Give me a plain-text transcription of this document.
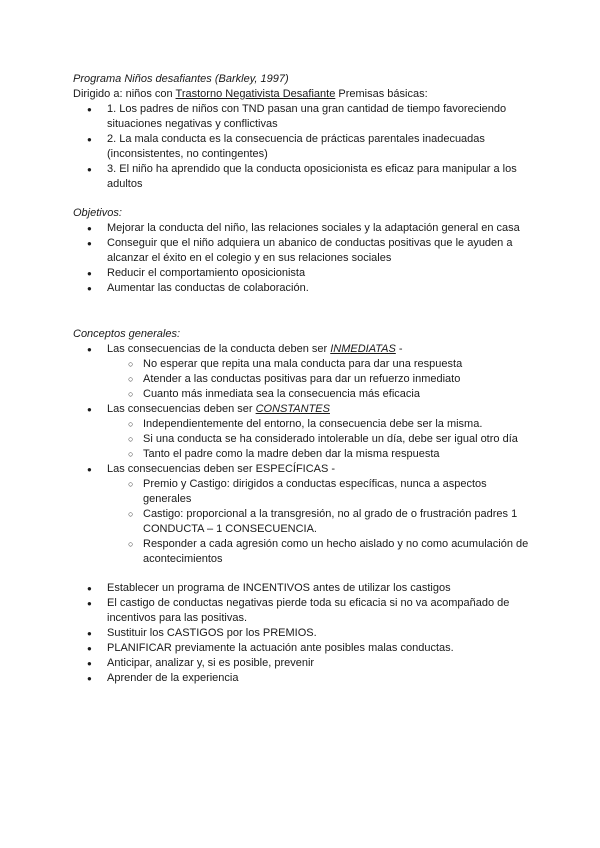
Programa Niños desafiantes (Barkley, 1997)
Dirigido a: niños con Trastorno Negativista Desafiante Premisas básicas:
● 1. Los padres de niños con TND pasan una gran cantidad de tiempo favoreciendo situaciones negativas y conflictivas
● 2. La mala conducta es la consecuencia de prácticas parentales inadecuadas (inconsistentes, no contingentes)
● 3. El niño ha aprendido que la conducta oposicionista es eficaz para manipular a los adultos
Objetivos:
● Mejorar la conducta del niño, las relaciones sociales y la adaptación general en casa
● Conseguir que el niño adquiera un abanico de conductas positivas que le ayuden a alcanzar el éxito en el colegio y en sus relaciones sociales
● Reducir el comportamiento oposicionista
● Aumentar las conductas de colaboración.
Conceptos generales:
● Las consecuencias de la conducta deben ser INMEDIATAS -
○ No esperar que repita una mala conducta para dar una respuesta
○ Atender a las conductas positivas para dar un refuerzo inmediato
○ Cuanto más inmediata sea la consecuencia más eficacia
● Las consecuencias deben ser CONSTANTES
○ Independientemente del entorno, la consecuencia debe ser la misma.
○ Si una conducta se ha considerado intolerable un día, debe ser igual otro día
○ Tanto el padre como la madre deben dar la misma respuesta
● Las consecuencias deben ser ESPECÍFICAS -
○ Premio y Castigo: dirigidos a conductas específicas, nunca a aspectos generales
○ Castigo: proporcional a la transgresión, no al grado de o frustración padres 1 CONDUCTA – 1 CONSECUENCIA.
○ Responder a cada agresión como un hecho aislado y no como acumulación de acontecimientos
● Establecer un programa de INCENTIVOS antes de utilizar los castigos
● El castigo de conductas negativas pierde toda su eficacia si no va acompañado de incentivos para las positivas.
● Sustituir los CASTIGOS por los PREMIOS.
● PLANIFICAR previamente la actuación ante posibles malas conductas.
● Anticipar, analizar y, si es posible, prevenir
● Aprender de la experiencia
